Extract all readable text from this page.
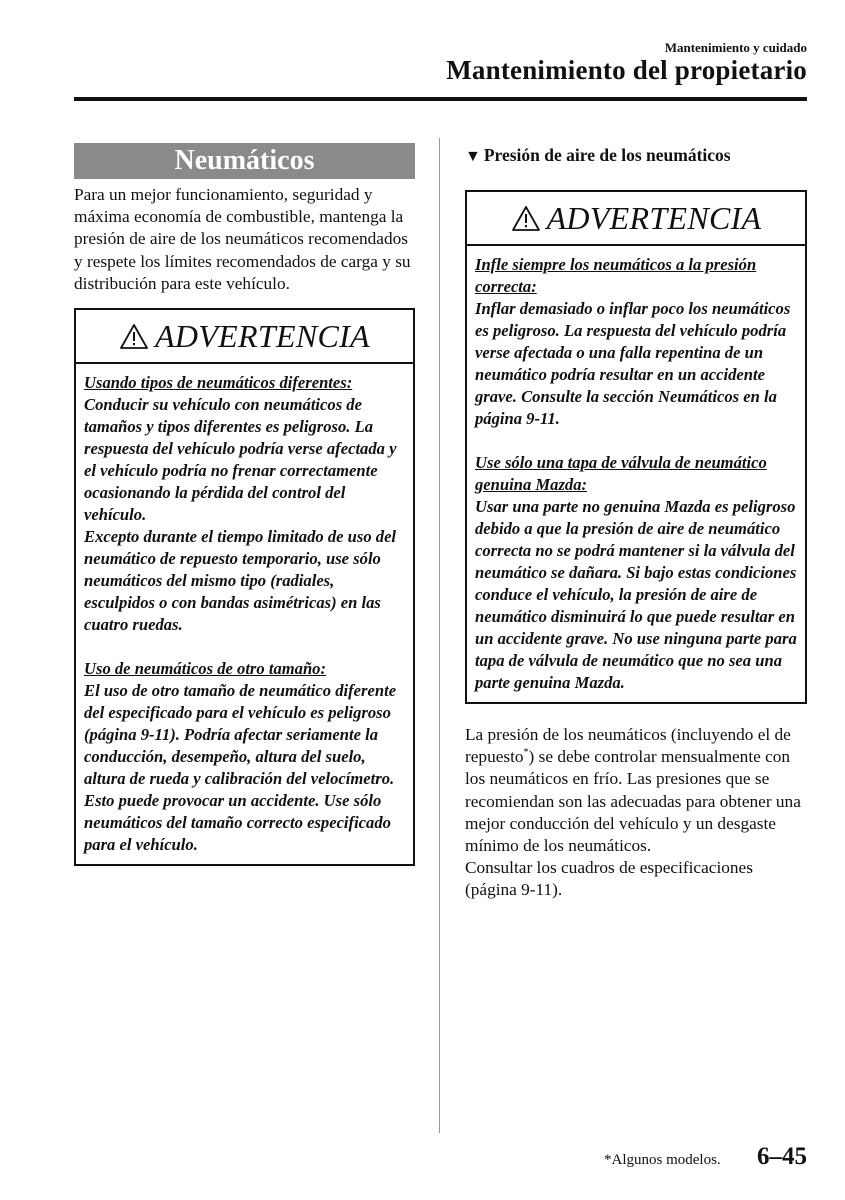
Mantenimiento y cuidado
Mantenimiento del propietario
Neumáticos

Para un mejor funcionamiento, seguridad y máxima economía de combustible, mantenga la presión de aire de los neumáticos recomendados y respete los límites recomendados de carga y su distribución para este vehículo.

ADVERTENCIA

Usando tipos de neumáticos diferentes:
Conducir su vehículo con neumáticos de tamaños y tipos diferentes es peligroso. La respuesta del vehículo podría verse afectada y el vehículo podría no frenar correctamente ocasionando la pérdida del control del vehículo.
Excepto durante el tiempo limitado de uso del neumático de repuesto temporario, use sólo neumáticos del mismo tipo (radiales, esculpidos o con bandas asimétricas) en las cuatro ruedas.

Uso de neumáticos de otro tamaño:
El uso de otro tamaño de neumático diferente del especificado para el vehículo es peligroso (página 9-11). Podría afectar seriamente la conducción, desempeño, altura del suelo, altura de rueda y calibración del velocímetro. Esto puede provocar un accidente. Use sólo neumáticos del tamaño correcto especificado para el vehículo.

▼ Presión de aire de los neumáticos
ADVERTENCIA

Infle siempre los neumáticos a la presión correcta:
Inflar demasiado o inflar poco los neumáticos es peligroso. La respuesta del vehículo podría verse afectada o una falla repentina de un neumático podría resultar en un accidente grave. Consulte la sección Neumáticos en la página 9-11.

Use sólo una tapa de válvula de neumático genuina Mazda:
Usar una parte no genuina Mazda es peligroso debido a que la presión de aire de neumático correcta no se podrá mantener si la válvula del neumático se dañara. Si bajo estas condiciones conduce el vehículo, la presión de aire de neumático disminuirá lo que puede resultar en un accidente grave. No use ninguna parte para tapa de válvula de neumático que no sea una parte genuina Mazda.

La presión de los neumáticos (incluyendo el de repuesto*) se debe controlar mensualmente con los neumáticos en frío. Las presiones que se recomiendan son las adecuadas para obtener una mejor conducción del vehículo y un desgaste mínimo de los neumáticos.
Consultar los cuadros de especificaciones (página 9-11).

*Algunos modelos. 6–45
